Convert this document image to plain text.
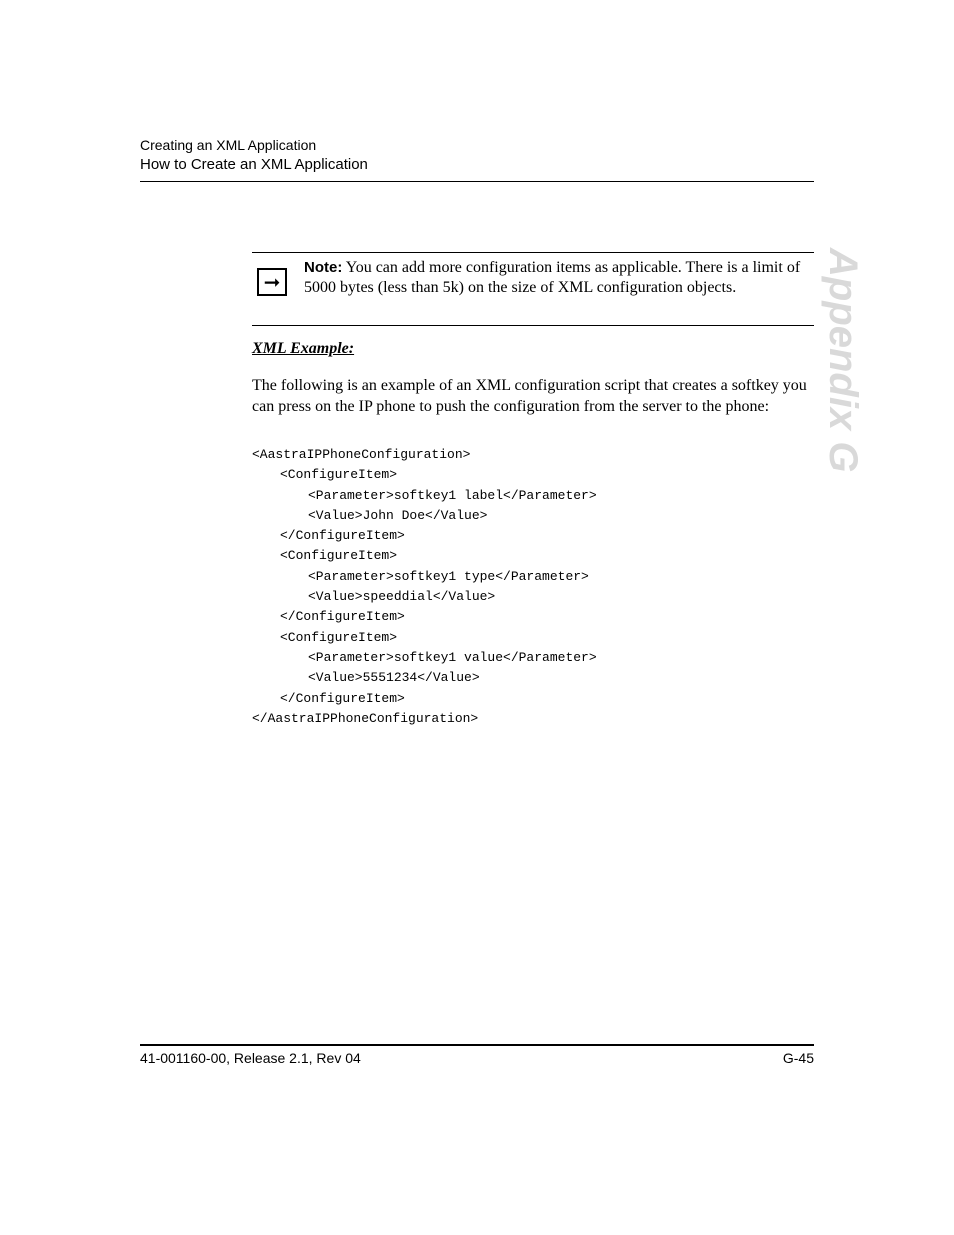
Creating an XML Application
How to Create an XML Application
Appendix G
➞
Note: You can add more configuration items as applicable. There is a limit of 5000 bytes (less than 5k) on the size of XML configuration objects.
XML Example:

The following is an example of an XML configuration script that creates a softkey you can press on the IP phone to push the configuration from the server to the phone:

<AastraIPPhoneConfiguration>
<ConfigureItem>
<Parameter>softkey1 label</Parameter>
<Value>John Doe</Value>
</ConfigureItem>
<ConfigureItem>
<Parameter>softkey1 type</Parameter>
<Value>speeddial</Value>
</ConfigureItem>
<ConfigureItem>
<Parameter>softkey1 value</Parameter>
<Value>5551234</Value>
</ConfigureItem>
</AastraIPPhoneConfiguration>
41-001160-00, Release 2.1, Rev 04	G-45
